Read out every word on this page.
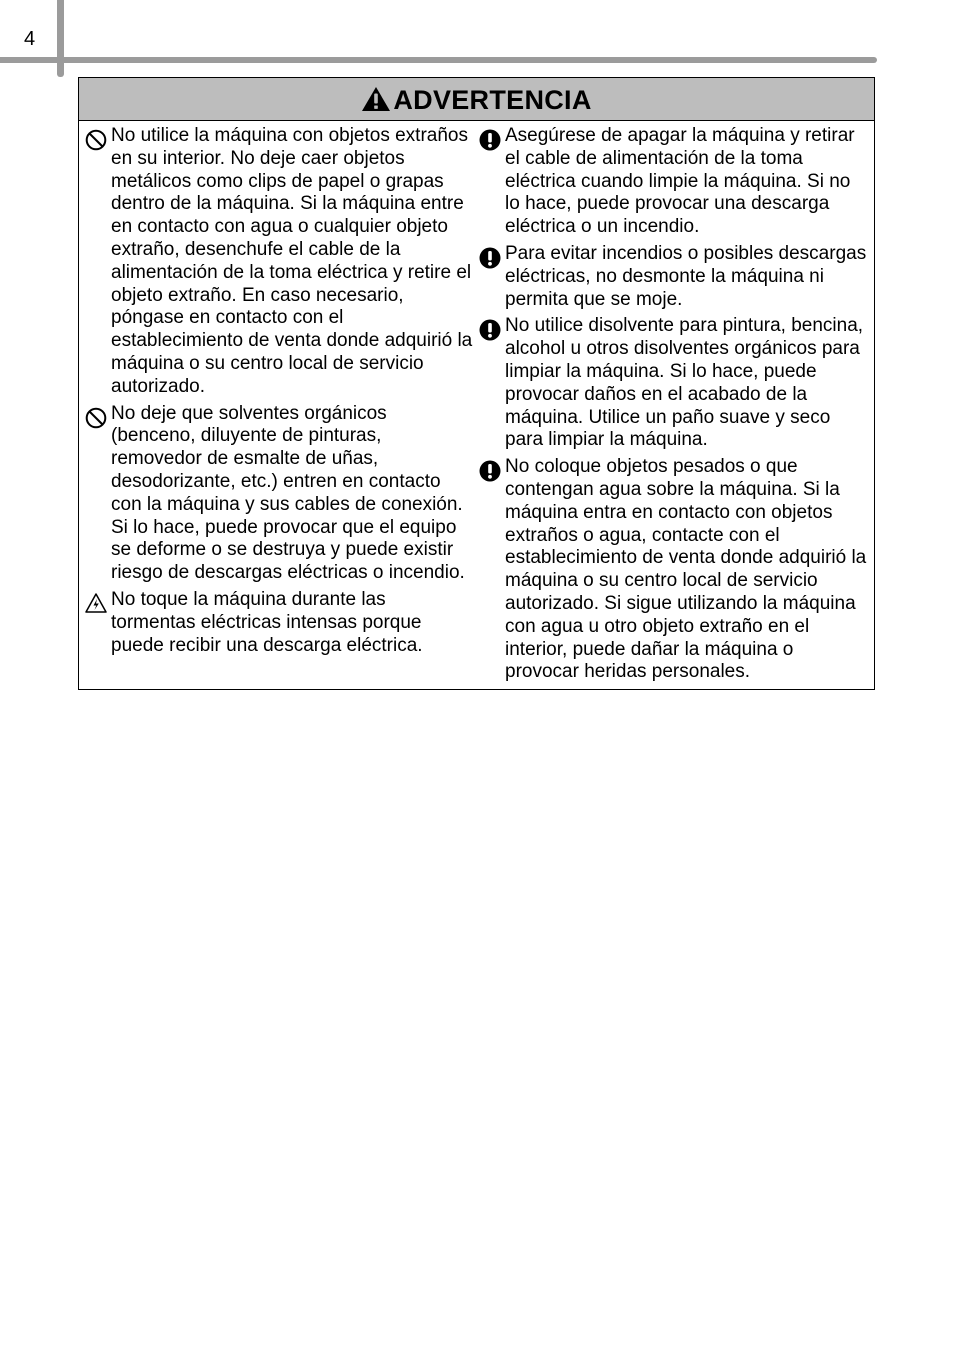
4
ADVERTENCIA
No utilice la máquina con objetos extraños en su interior. No deje caer objetos metálicos como clips de papel o grapas dentro de la máquina. Si la máquina entre en contacto con agua o cualquier objeto extraño, desenchufe el cable de la alimentación de la toma eléctrica y retire el objeto extraño. En caso necesario, póngase en contacto con el establecimiento de venta donde adquirió la máquina o su centro local de servicio autorizado.
No deje que solventes orgánicos (benceno, diluyente de pinturas, removedor de esmalte de uñas, desodorizante, etc.) entren en contacto con la máquina y sus cables de conexión. Si lo hace, puede provocar que el equipo se deforme o se destruya y puede existir riesgo de descargas eléctricas o incendio.
No toque la máquina durante las tormentas eléctricas intensas porque puede recibir una descarga eléctrica.
Asegúrese de apagar la máquina y retirar el cable de alimentación de la toma eléctrica cuando limpie la máquina. Si no lo hace, puede provocar una descarga eléctrica o un incendio.
Para evitar incendios o posibles descargas eléctricas, no desmonte la máquina ni permita que se moje.
No utilice disolvente para pintura, bencina, alcohol u otros disolventes orgánicos para limpiar la máquina. Si lo hace, puede provocar daños en el acabado de la máquina. Utilice un paño suave y seco para limpiar la máquina.
No coloque objetos pesados o que contengan agua sobre la máquina. Si la máquina entra en contacto con objetos extraños o agua, contacte con el establecimiento de venta donde adquirió la máquina o su centro local de servicio autorizado. Si sigue utilizando la máquina con agua u otro objeto extraño en el interior, puede dañar la máquina o provocar heridas personales.
